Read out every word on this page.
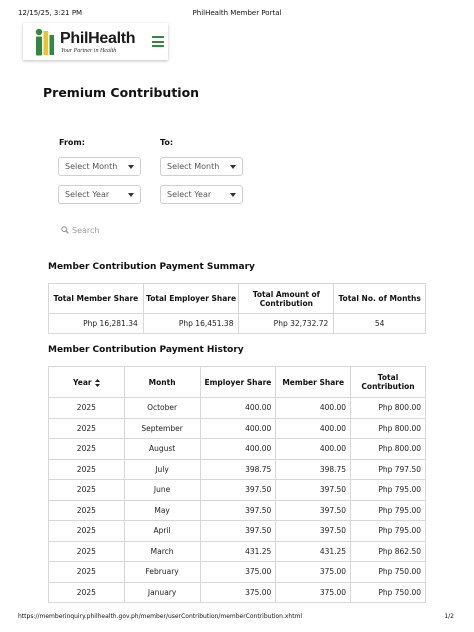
12/15/25, 3:21 PM	PhilHealth Member Portal
PhilHealth
Your Partner in Health
Premium Contribution
From:	To:
Select Month	Select Month
Select Year	Select Year
Search
Member Contribution Payment Summary
Total Member Share	Total Employer Share	Total Amount of Contribution	Total No. of Months
Php 16,281.34	Php 16,451.38	Php 32,732.72	54
Member Contribution Payment History
Year	Month	Employer Share	Member Share	Total Contribution
2025	October	400.00	400.00	Php 800.00
2025	September	400.00	400.00	Php 800.00
2025	August	400.00	400.00	Php 800.00
2025	July	398.75	398.75	Php 797.50
2025	June	397.50	397.50	Php 795.00
2025	May	397.50	397.50	Php 795.00
2025	April	397.50	397.50	Php 795.00
2025	March	431.25	431.25	Php 862.50
2025	February	375.00	375.00	Php 750.00
2025	January	375.00	375.00	Php 750.00
https://memberinquiry.philhealth.gov.ph/member/userContribution/memberContribution.xhtml	1/2
